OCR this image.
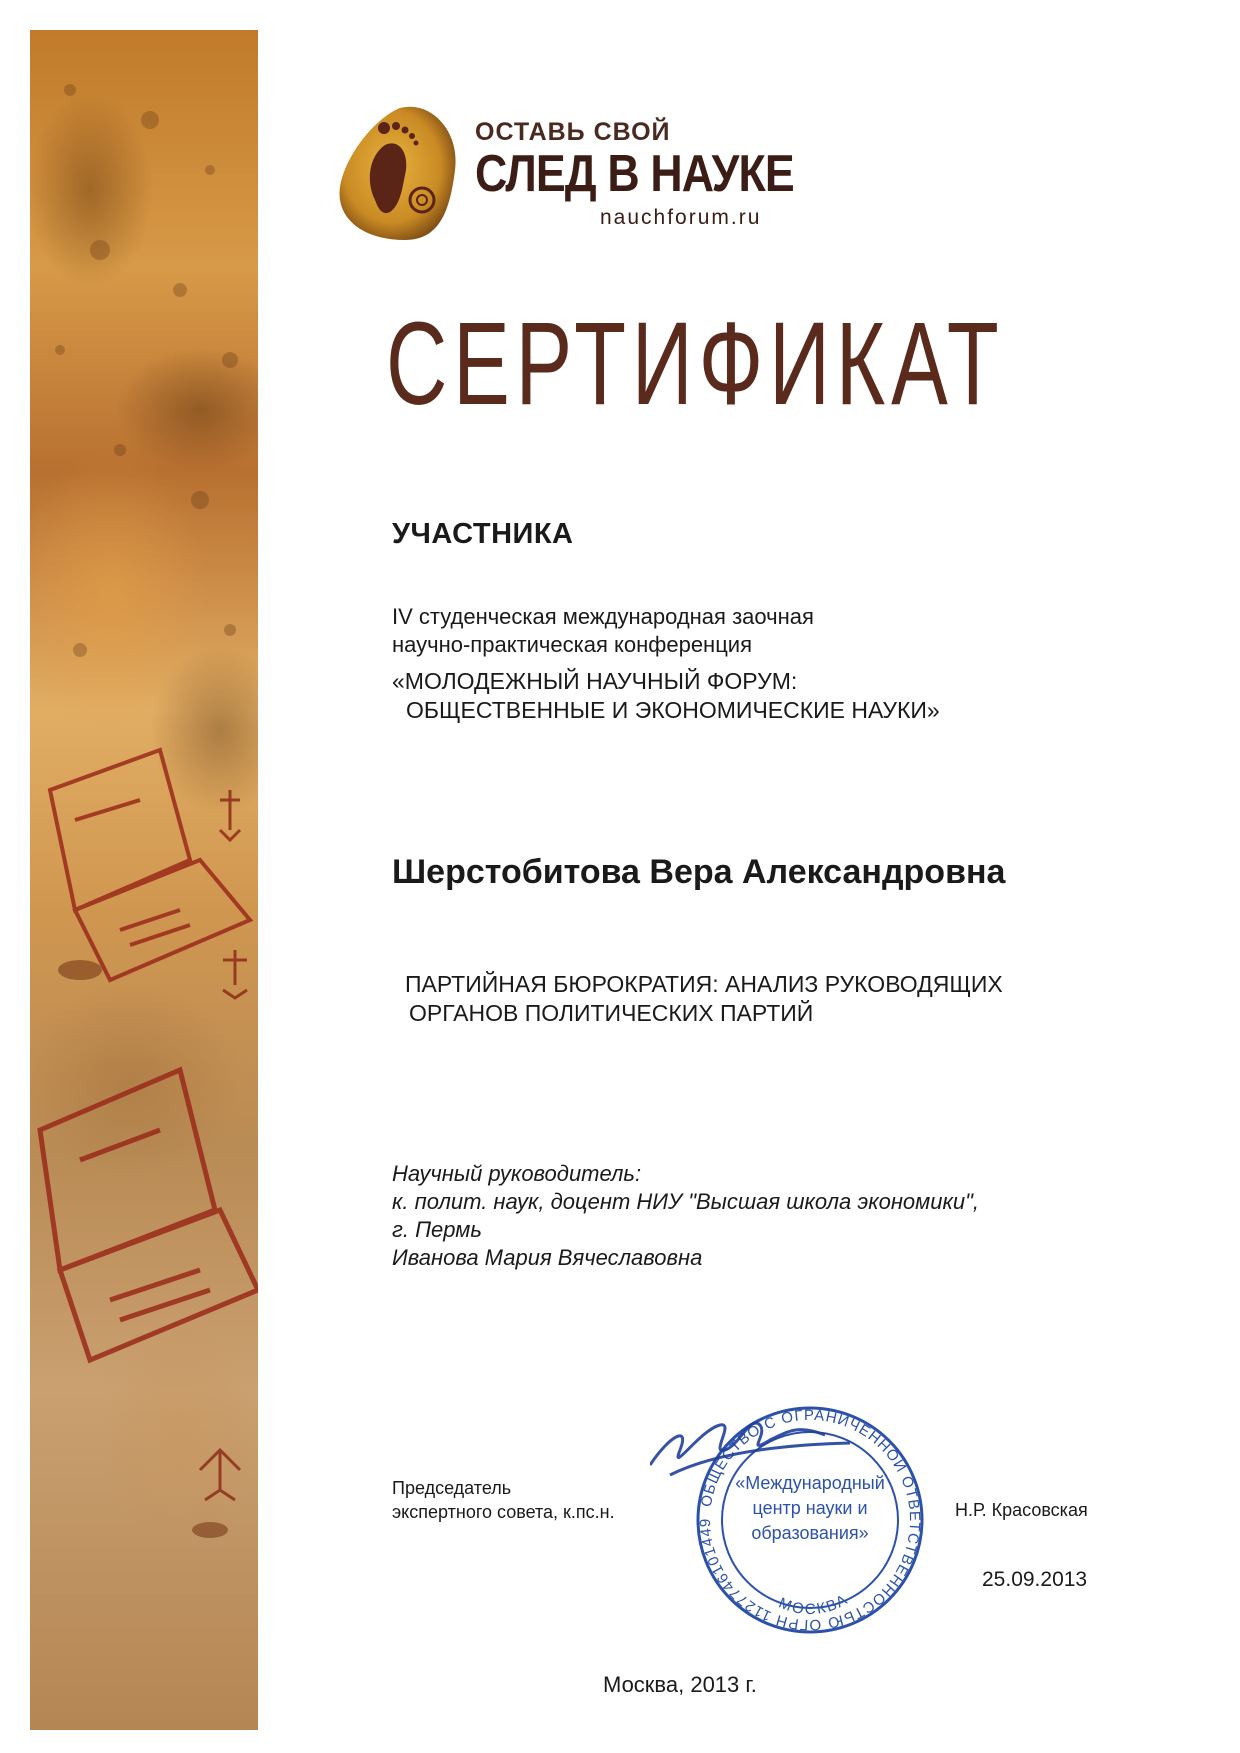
ОСТАВЬ СВОЙ
СЛЕД В НАУКЕ
nauchforum.ru
СЕРТИФИКАТ
УЧАСТНИКА
IV студенческая международная заочная
научно-практическая конференция
«МОЛОДЕЖНЫЙ НАУЧНЫЙ ФОРУМ:
ОБЩЕСТВЕННЫЕ И ЭКОНОМИЧЕСКИЕ НАУКИ»
Шерстобитова Вера Александровна
ПАРТИЙНАЯ БЮРОКРАТИЯ: АНАЛИЗ РУКОВОДЯЩИХ
ОРГАНОВ ПОЛИТИЧЕСКИХ ПАРТИЙ
Научный руководитель:
к. полит. наук, доцент НИУ "Высшая школа экономики",
г. Пермь
Иванова Мария Вячеславовна
Председатель
экспертного совета, к.пс.н.
ОБЩЕСТВО С ОГРАНИЧЕННОЙ ОТВЕТСТВЕННОСТЬЮ ОГРН 1127746101449
МОСКВА
«Международный
центр науки и
образования»
Н.Р. Красовская
25.09.2013
Москва, 2013 г.
